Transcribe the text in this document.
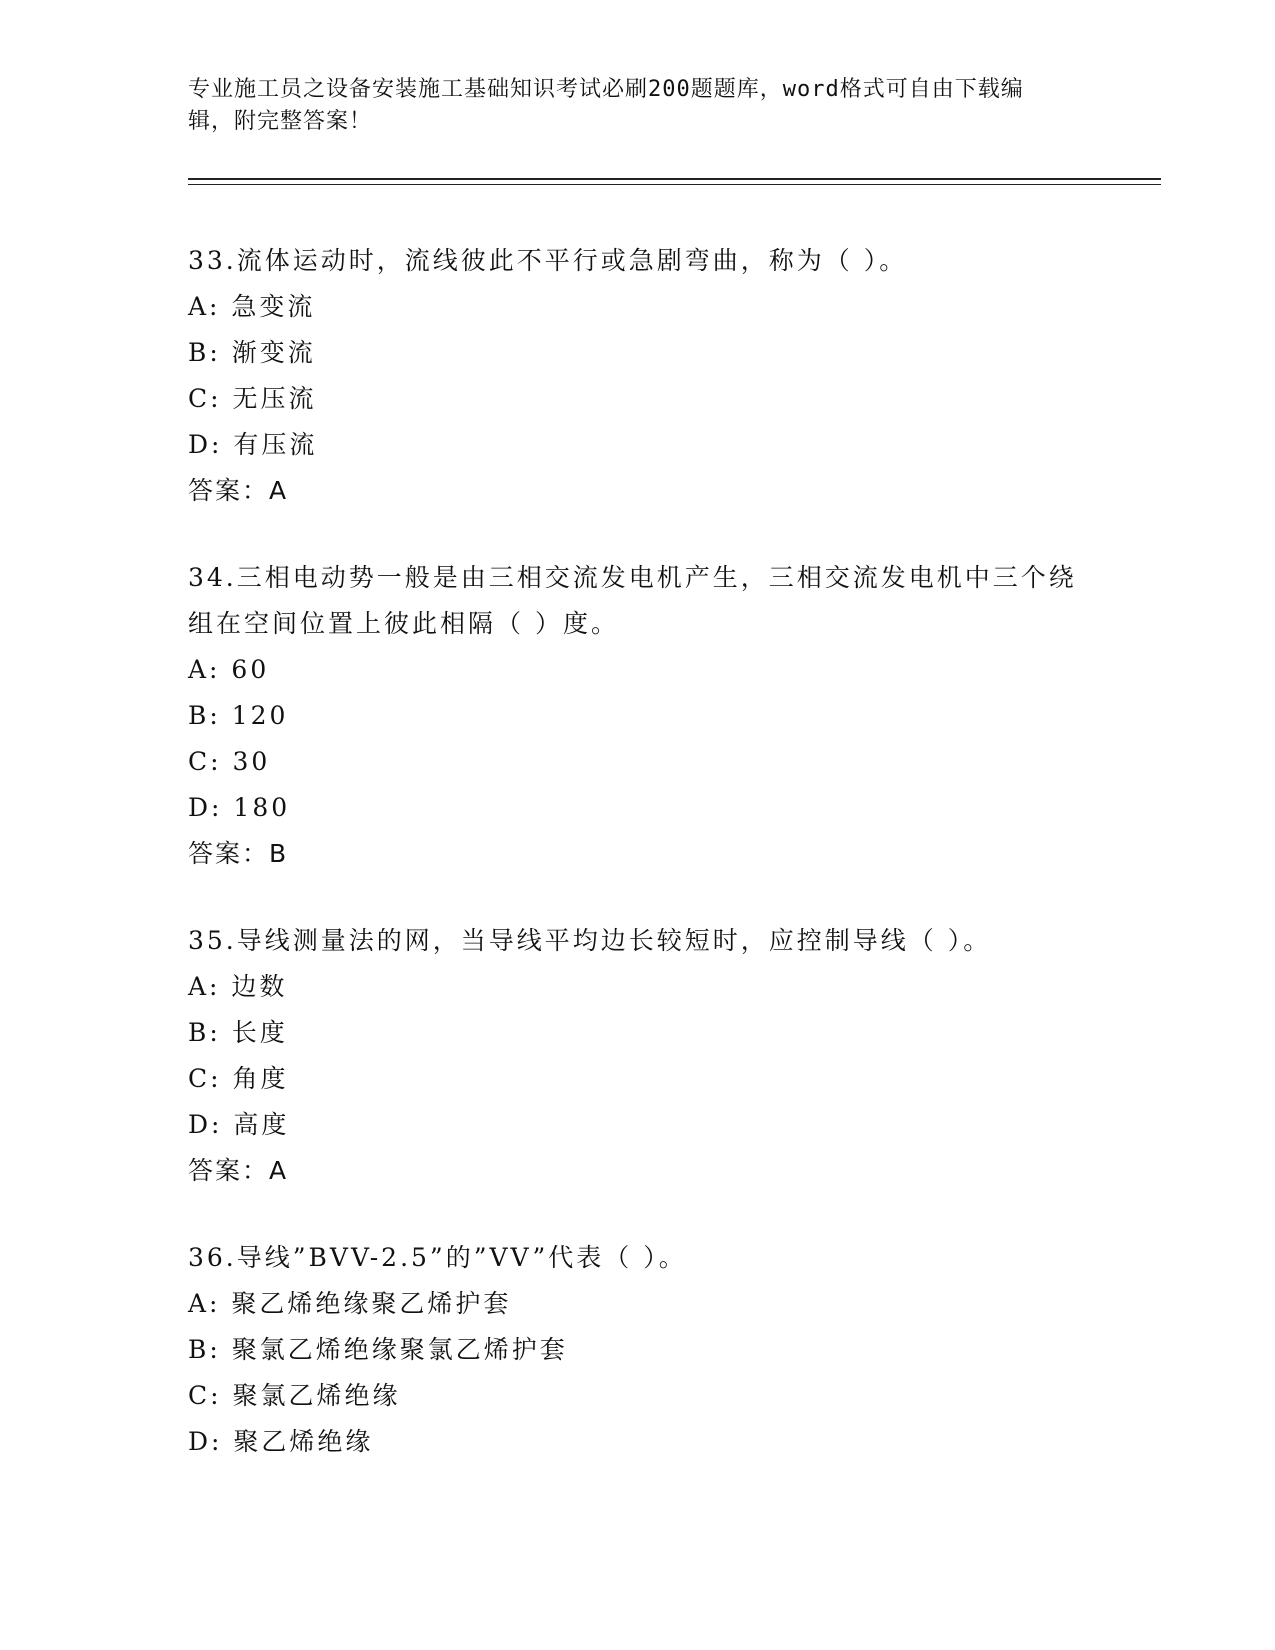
专业施工员之设备安装施工基础知识考试必刷200题题库，word格式可自由下载编辑，附完整答案！
33.流体运动时，流线彼此不平行或急剧弯曲，称为（ ）。
A: 急变流
B: 渐变流
C: 无压流
D: 有压流
答案：A
34.三相电动势一般是由三相交流发电机产生，三相交流发电机中三个绕组在空间位置上彼此相隔（ ）度。
A: 60
B: 120
C: 30
D: 180
答案：B
35.导线测量法的网，当导线平均边长较短时，应控制导线（ ）。
A: 边数
B: 长度
C: 角度
D: 高度
答案：A
36.导线”BVV-2.5”的”VV”代表（ ）。
A: 聚乙烯绝缘聚乙烯护套
B: 聚氯乙烯绝缘聚氯乙烯护套
C: 聚氯乙烯绝缘
D: 聚乙烯绝缘
